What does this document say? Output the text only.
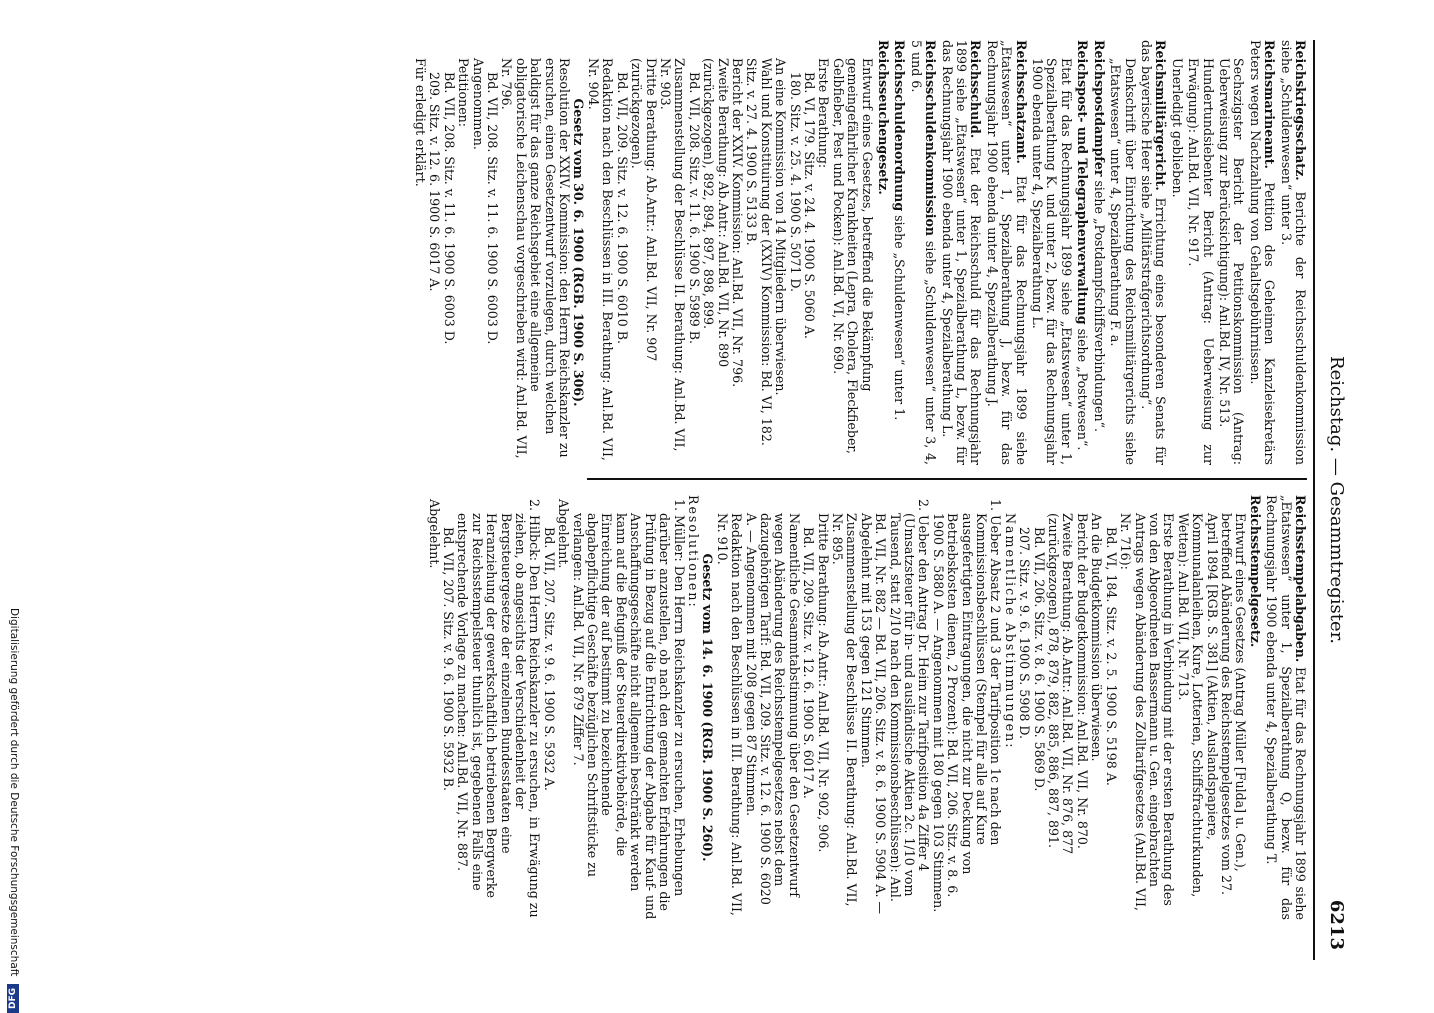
Reichstag. — Gesammtregister.
6213

Reichskriegsschatz. Berichte der Reichsschuldenkommission siehe „Schuldenwesen“ unter 3.

Reichsmarineamt. Petition des Geheimen Kanzleisekretärs Peters wegen Nachzahlung von Gehaltsgebührnissen.

Sechszigster Bericht der Petitionskommission (Antrag: Ueberweisung zur Berücksichtigung): Anl.Bd. IV, Nr. 513.

Hundertundsiebenter Bericht (Antrag: Ueberweisung zur Erwägung): Anl.Bd. VII, Nr. 917.

Unerledigt geblieben.

Reichsmilitärgericht. Errichtung eines besonderen Senats für das bayerische Heer siehe „Militärstrafgerichtsordnung“.

Denkschrift über Einrichtung des Reichsmilitärgerichts siehe „Etatswesen“ unter 4, Spezialberathung F. a.

Reichspostdampfer siehe „Postdampfschiffsverbindungen“.

Reichspost- und Telegraphenverwaltung siehe „Postwesen“.

Etat für das Rechnungsjahr 1899 siehe „Etatswesen“ unter 1, Spezialberathung K. und unter 2, bezw. für das Rechnungsjahr 1900 ebenda unter 4, Spezialberathung L.

Reichsschatzamt. Etat für das Rechnungsjahr 1899 siehe „Etatswesen“ unter 1, Spezialberathung J, bezw. für das Rechnungsjahr 1900 ebenda unter 4, Spezialberathung J.

Reichsschuld. Etat der Reichsschuld für das Rechnungsjahr 1899 siehe „Etatswesen“ unter 1, Spezialberathung L, bezw. für das Rechnungsjahr 1900 ebenda unter 4, Spezialberathung L.

Reichsschuldenkommission siehe „Schuldenwesen“ unter 3, 4, 5 und 6.

Reichsschuldenordnung siehe „Schuldenwesen“ unter 1.

Reichsseuchengesetz.

Entwurf eines Gesetzes, betreffend die Bekämpfung gemeingefährlicher Krankheiten (Lepra, Cholera, Fleckfieber, Gelbfieber, Pest und Pocken): Anl.Bd. VI, Nr. 690.
Erste Berathung:
Bd. VI, 179. Sitz. v. 24. 4. 1900 S. 5060 A.
180. Sitz. v. 25. 4. 1900 S. 5071 D.
An eine Kommission von 14 Mitgliedern überwiesen.
Wahl und Konstituirung der (XXIV) Kommission: Bd. VI, 182. Sitz. v. 27. 4. 1900 S. 5133 B.
Bericht der XXIV. Kommission: Anl.Bd. VII, Nr. 796.
Zweite Berathung: Ab.Antr.: Anl.Bd. VII, Nr. 890 (zurückgezogen), 892, 894, 897, 898, 899.
Bd. VII, 208. Sitz. v. 11. 6. 1900 S. 5989 B.
Zusammenstellung der Beschlüsse II. Berathung: Anl.Bd. VII, Nr. 903.
Dritte Berathung: Ab.Antr.: Anl.Bd. VII, Nr. 907 (zurückgezogen).
Bd. VII, 209. Sitz. v. 12. 6. 1900 S. 6010 B.
Redaktion nach den Beschlüssen in III. Berathung: Anl.Bd. VII, Nr. 904.
Gesetz vom 30. 6. 1900 (RGB. 1900 S. 306).
Resolution der XXIV. Kommission: den Herrn Reichskanzler zu ersuchen, einen Gesetzentwurf vorzulegen, durch welchen baldigst für das ganze Reichsgebiet eine allgemeine obligatorische Leichenschau vorgeschrieben wird: Anl.Bd. VII, Nr. 796.
Bd. VII, 208. Sitz. v. 11. 6. 1900 S. 6003 D.
Angenommen.
Petitionen:
Bd. VII, 208. Sitz. v. 11. 6. 1900 S. 6003 D.
209. Sitz. v. 12. 6. 1900 S. 6017 A.
Für erledigt erklärt.

Reichsstempelabgaben. Etat für das Rechnungsjahr 1899 siehe „Etatswesen“ unter 1, Spezialberathung Q, bezw. für das Rechnungsjahr 1900 ebenda unter 4, Spezialberathung T.

Reichsstempelgesetz.
Entwurf eines Gesetzes (Antrag Müller [Fulda] u. Gen.), betreffend Abänderung des Reichsstempelgesetzes vom 27. April 1894 [RGB. S. 381] (Aktien, Auslandspapiere, Kommunalanleihen, Kure, Lotterien, Schiffsfrachturkunden, Wetten): Anl.Bd. VII, Nr. 713.
Erste Berathung in Verbindung mit der ersten Berathung des von den Abgeordneten Bassermann u. Gen. eingebrachten Antrags wegen Abänderung des Zolltarifgesetzes (Anl.Bd. VII, Nr. 716):
Bd. VI, 184. Sitz. v. 2. 5. 1900 S. 5198 A.
An die Budgetkommission überwiesen.
Bericht der Budgetkommission: Anl.Bd. VII, Nr. 870.
Zweite Berathung: Ab.Antr.: Anl.Bd. VII, Nr. 876, 877 (zurückgezogen), 878, 879, 882, 885, 886, 887, 891.
Bd. VII, 206. Sitz. v. 8. 6. 1900 S. 5869 D.
207. Sitz. v. 9. 6. 1900 S. 5908 D.
Namentliche Abstimmungen:
1. Ueber Absatz 2 und 3 der Tarifposition 1c nach den Kommissionsbeschlüssen (Stempel für alle auf Kure ausgefertigten Eintragungen, die nicht zur Deckung von Betriebskosten dienen, 2 Prozent): Bd. VII, 206. Sitz. v. 8. 6. 1900 S. 5880 A. — Angenommen mit 180 gegen 103 Stimmen.
2. Ueber den Antrag Dr. Heim zur Tarifposition 4a Ziffer 4 (Umsatzsteuer für in- und ausländische Aktien 2c. 1/10 vom Tausend, statt 2/10 nach den Kommissionsbeschlüssen): Anl. Bd. VII, Nr. 882 — Bd. VII, 206. Sitz. v. 8. 6. 1900 S. 5904 A. — Abgelehnt mit 153 gegen 121 Stimmen.
Zusammenstellung der Beschlüsse II. Berathung: Anl.Bd. VII, Nr. 895.
Dritte Berathung: Ab.Antr.: Anl.Bd. VII, Nr. 902, 906.
Bd. VII, 209. Sitz. v. 12. 6. 1900 S. 6017 A.
Namentliche Gesammtabstimmung über den Gesetzentwurf wegen Abänderung des Reichsstempelgesetzes nebst dem dazugehörigen Tarif: Bd. VII, 209. Sitz. v. 12. 6. 1900 S. 6020 A. — Angenommen mit 208 gegen 87 Stimmen.
Redaktion nach den Beschlüssen in III. Berathung: Anl.Bd. VII, Nr. 910.
Gesetz vom 14. 6. 1900 (RGB. 1900 S. 260).
Resolutionen:
1. Müller: Den Herrn Reichskanzler zu ersuchen, Erhebungen darüber anzustellen, ob nach den gemachten Erfahrungen die Prüfung in Bezug auf die Entrichtung der Abgabe für Kauf- und Anschaffungsgeschäfte nicht allgemein beschränkt werden kann auf die Befugniß der Steuerdirektivbehörde, die Einreichung der auf bestimmt zu bezeichnende abgabepflichtige Geschäfte bezüglichen Schriftstücke zu verlangen: Anl.Bd. VII, Nr. 879 Ziffer 7.
Abgelehnt.
Bd. VII, 207. Sitz. v. 9. 6. 1900 S. 5932 A.
2. Hilbck: Den Herrn Reichskanzler zu ersuchen, in Erwägung zu ziehen, ob angesichts der Verschiedenheit der Bergsteuergesetze der einzelnen Bundesstaaten eine Heranziehung der gewerkschaftlich betriebenen Bergwerke zur Reichsstempelsteuer thunlich ist, gegebenen Falls eine entsprechende Vorlage zu machen: Anl.Bd. VII, Nr. 887.
Bd. VII, 207. Sitz. v. 9. 6. 1900 S. 5932 B.
Abgelehnt.
Digitalisierung gefördert durch die Deutsche Forschungsgemeinschaft DFG
